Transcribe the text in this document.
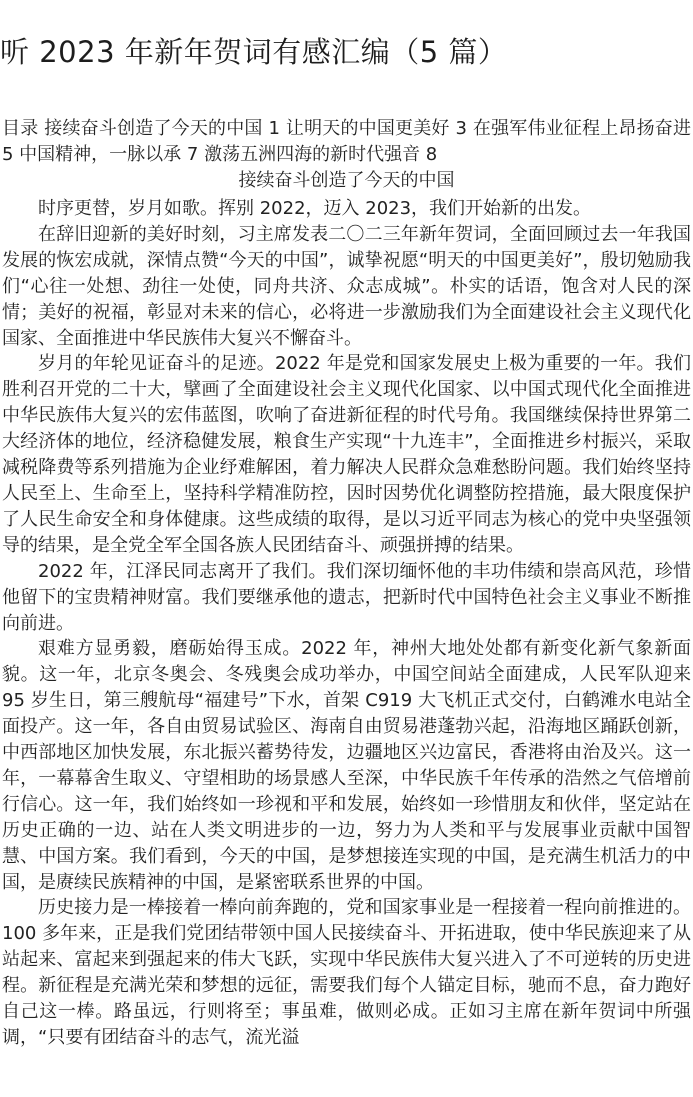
听 2023 年新年贺词有感汇编（5 篇）

目录 接续奋斗创造了今天的中国 1 让明天的中国更美好 3 在强军伟业征程上昂扬奋进 5 中国精神，一脉以承 7 激荡五洲四海的新时代强音 8

接续奋斗创造了今天的中国

时序更替，岁月如歌。挥别 2022，迈入 2023，我们开始新的出发。

在辞旧迎新的美好时刻，习主席发表二〇二三年新年贺词，全面回顾过去一年我国发展的恢宏成就，深情点赞“今天的中国”，诚挚祝愿“明天的中国更美好”，殷切勉励我们“心往一处想、劲往一处使，同舟共济、众志成城”。朴实的话语，饱含对人民的深情；美好的祝福，彰显对未来的信心，必将进一步激励我们为全面建设社会主义现代化国家、全面推进中华民族伟大复兴不懈奋斗。

岁月的年轮见证奋斗的足迹。2022 年是党和国家发展史上极为重要的一年。我们胜利召开党的二十大，擘画了全面建设社会主义现代化国家、以中国式现代化全面推进中华民族伟大复兴的宏伟蓝图，吹响了奋进新征程的时代号角。我国继续保持世界第二大经济体的地位，经济稳健发展，粮食生产实现“十九连丰”，全面推进乡村振兴，采取减税降费等系列措施为企业纾难解困，着力解决人民群众急难愁盼问题。我们始终坚持人民至上、生命至上，坚持科学精准防控，因时因势优化调整防控措施，最大限度保护了人民生命安全和身体健康。这些成绩的取得，是以习近平同志为核心的党中央坚强领导的结果，是全党全军全国各族人民团结奋斗、顽强拼搏的结果。

2022 年，江泽民同志离开了我们。我们深切缅怀他的丰功伟绩和崇高风范，珍惜他留下的宝贵精神财富。我们要继承他的遗志，把新时代中国特色社会主义事业不断推向前进。

艰难方显勇毅，磨砺始得玉成。2022 年，神州大地处处都有新变化新气象新面貌。这一年，北京冬奥会、冬残奥会成功举办，中国空间站全面建成，人民军队迎来 95 岁生日，第三艘航母“福建号”下水，首架 C919 大飞机正式交付，白鹤滩水电站全面投产。这一年，各自由贸易试验区、海南自由贸易港蓬勃兴起，沿海地区踊跃创新，中西部地区加快发展，东北振兴蓄势待发，边疆地区兴边富民，香港将由治及兴。这一年，一幕幕舍生取义、守望相助的场景感人至深，中华民族千年传承的浩然之气倍增前行信心。这一年，我们始终如一珍视和平和发展，始终如一珍惜朋友和伙伴，坚定站在历史正确的一边、站在人类文明进步的一边，努力为人类和平与发展事业贡献中国智慧、中国方案。我们看到，今天的中国，是梦想接连实现的中国，是充满生机活力的中国，是赓续民族精神的中国，是紧密联系世界的中国。

历史接力是一棒接着一棒向前奔跑的，党和国家事业是一程接着一程向前推进的。100 多年来，正是我们党团结带领中国人民接续奋斗、开拓进取，使中华民族迎来了从站起来、富起来到强起来的伟大飞跃，实现中华民族伟大复兴进入了不可逆转的历史进程。新征程是充满光荣和梦想的远征，需要我们每个人锚定目标，驰而不息，奋力跑好自己这一棒。路虽远，行则将至；事虽难，做则必成。正如习主席在新年贺词中所强调，“只要有团结奋斗的志气，流光溢
